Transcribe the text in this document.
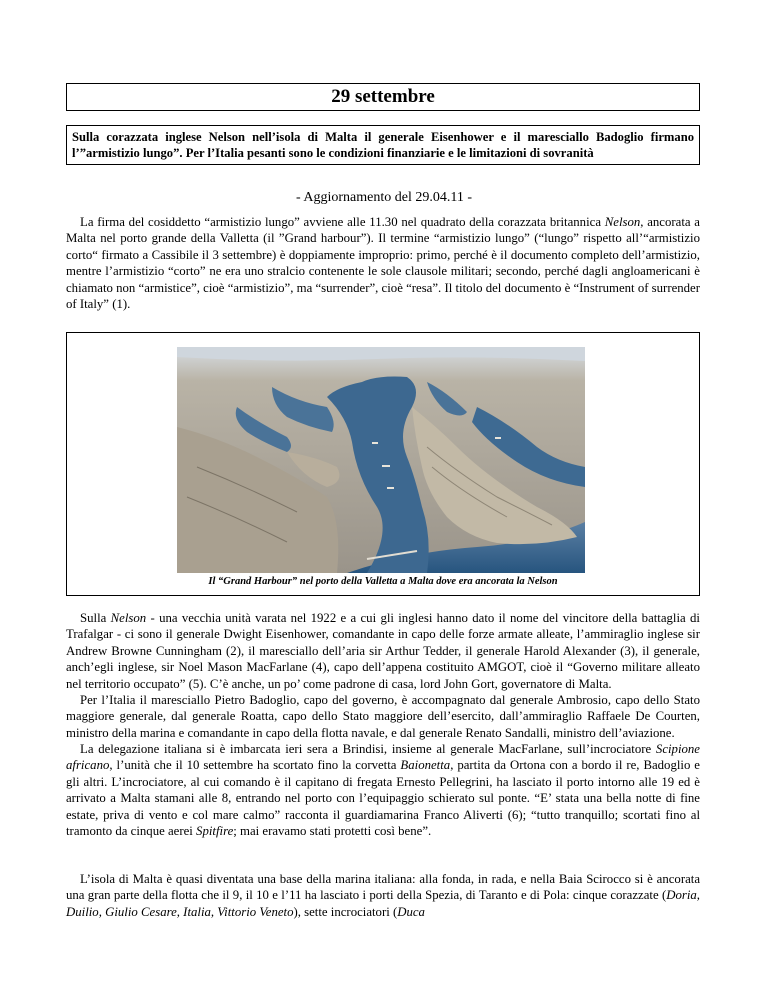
29 settembre
Sulla corazzata inglese Nelson nell’isola di Malta il generale Eisenhower e il maresciallo Badoglio firmano l’”armistizio lungo”. Per l’Italia pesanti sono le condizioni finanziarie e le limitazioni di sovranità
- Aggiornamento del 29.04.11 -

La firma del cosiddetto “armistizio lungo” avviene alle 11.30 nel quadrato della corazzata britannica Nelson, ancorata a Malta nel porto grande della Valletta (il ”Grand harbour”). Il termine “armistizio lungo” (“lungo” rispetto all’“armistizio corto“ firmato a Cassibile il 3 settembre) è doppiamente improprio: primo, perché è il documento completo dell’armistizio, mentre l’armistizio “corto” ne era uno stralcio contenente le sole clausole militari; secondo, perché dagli angloamericani è chiamato non “armistice”, cioè “armistizio”, ma “surrender”, cioè “resa”. Il titolo del documento è “Instrument of surrender of Italy” (1).

Il “Grand Harbour” nel porto della Valletta a Malta dove era ancorata la Nelson

Sulla Nelson - una vecchia unità varata nel 1922 e a cui gli inglesi hanno dato il nome del vincitore della battaglia di Trafalgar - ci sono il generale Dwight Eisenhower, comandante in capo delle forze armate alleate, l’ammiraglio inglese sir Andrew Browne Cunningham (2), il maresciallo dell’aria sir Arthur Tedder, il generale Harold Alexander (3), il generale, anch’egli inglese, sir Noel Mason MacFarlane (4), capo dell’appena costituito AMGOT, cioè il “Governo militare alleato nel territorio occupato” (5). C’è anche, un po’ come padrone di casa, lord John Gort, governatore di Malta.

Per l’Italia il maresciallo Pietro Badoglio, capo del governo, è accompagnato dal generale Ambrosio, capo dello Stato maggiore generale, dal generale Roatta, capo dello Stato maggiore dell’esercito, dall’ammiraglio Raffaele De Courten, ministro della marina e comandante in capo della flotta navale, e dal generale Renato Sandalli, ministro dell’aviazione.

La delegazione italiana si è imbarcata ieri sera a Brindisi, insieme al generale MacFarlane, sull’incrociatore Scipione africano, l’unità che il 10 settembre ha scortato fino la corvetta Baionetta, partita da Ortona con a bordo il re, Badoglio e gli altri. L’incrociatore, al cui comando è il capitano di fregata Ernesto Pellegrini, ha lasciato il porto intorno alle 19 ed è arrivato a Malta stamani alle 8, entrando nel porto con l’equipaggio schierato sul ponte. “E’ stata una bella notte di fine estate, priva di vento e col mare calmo” racconta il guardiamarina Franco Aliverti (6); “tutto tranquillo; scortati fino al tramonto da cinque aerei Spitfire; mai eravamo stati protetti così bene”.

L’isola di Malta è quasi diventata una base della marina italiana: alla fonda, in rada, e nella Baia Scirocco si è ancorata una gran parte della flotta che il 9, il 10 e l’11 ha lasciato i porti della Spezia, di Taranto e di Pola: cinque corazzate (Doria, Duilio, Giulio Cesare, Italia, Vittorio Veneto), sette incrociatori (Duca
